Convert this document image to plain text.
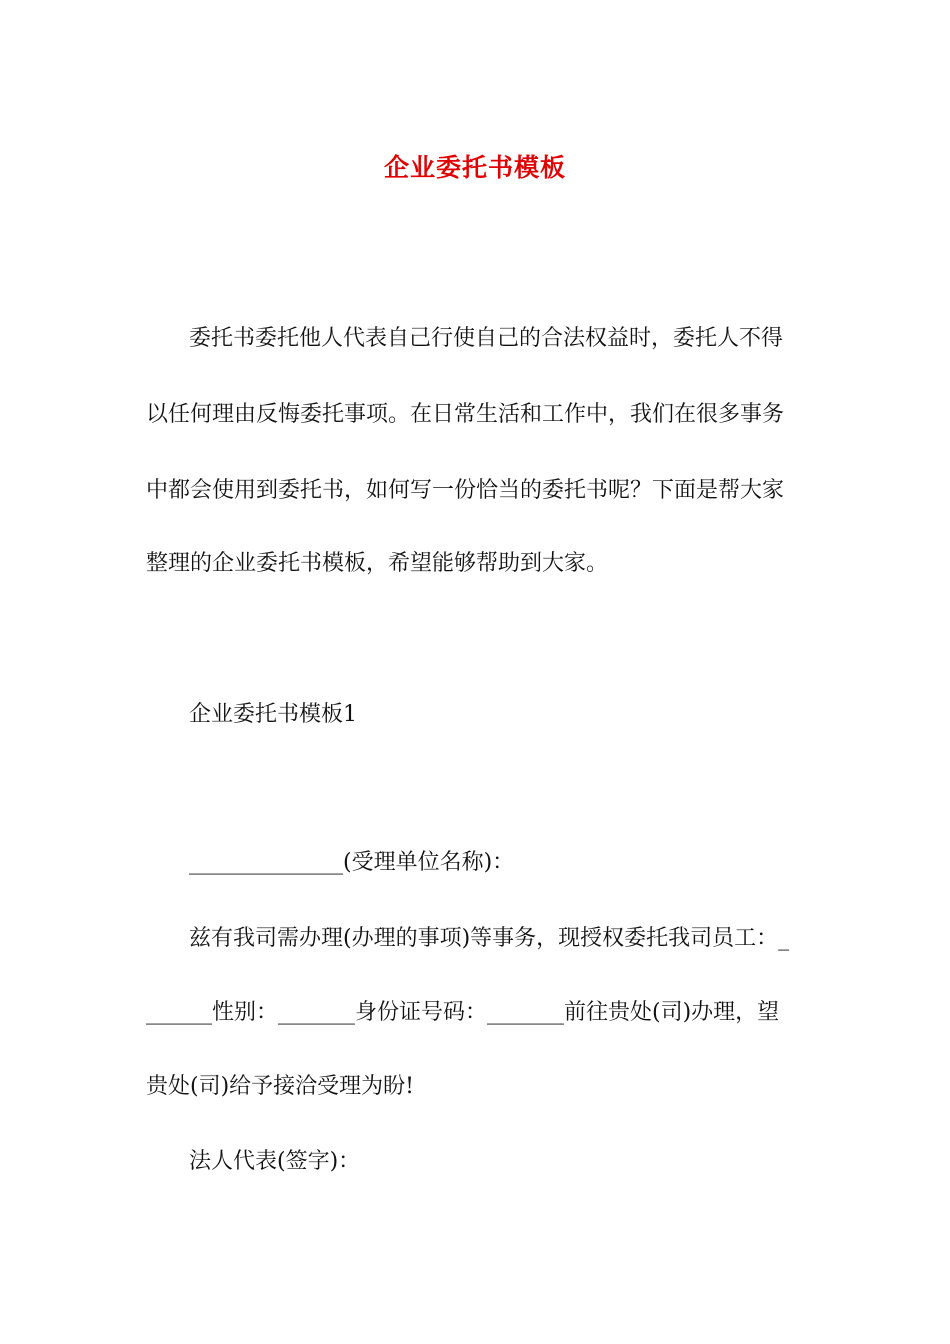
企业委托书模板

委托书委托他人代表自己行使自己的合法权益时，委托人不得

以任何理由反悔委托事项。在日常生活和工作中，我们在很多事务

中都会使用到委托书，如何写一份恰当的委托书呢？下面是帮大家

整理的企业委托书模板，希望能够帮助到大家。

企业委托书模板1

______________(受理单位名称)：

兹有我司需办理(办理的事项)等事务，现授权委托我司员工：_

______性别：_______身份证号码：_______前往贵处(司)办理，望

贵处(司)给予接洽受理为盼!

法人代表(签字)：
